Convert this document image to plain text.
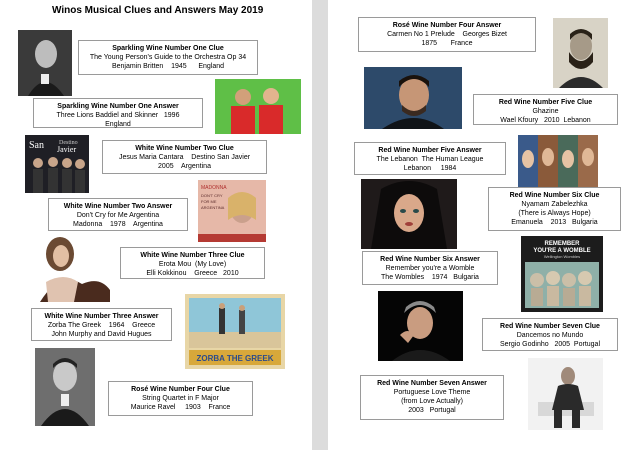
Winos Musical Clues and Answers May 2019
Sparkling Wine Number One Clue
The Young Person's Guide to the Orchestra Op 34
Benjamin Britten    1945      England
Sparkling Wine Number One Answer
Three Lions Baddiel and Skinner   1996
England
San	Destino
Javier	White Wine Number Two Clue
Jesus Maria Cantara    Destino San Javier
2005    Argentina
MADONNA
DON'T CRY
FOR ME
ARGENTINA
White Wine Number Two Answer
Don't Cry for Me Argentina
Madonna    1978    Argentina
White Wine Number Three Clue
Erota Mou  (My Love)
Elli Kokkinou    Greece   2010
White Wine Number Three Answer
Zorba The Greek    1964    Greece
John Murphy and David Hugues
ZORBA THE GREEK
Rosé Wine Number Four Clue
String Quartet in F Major
Maurice Ravel     1903    France
Rosé Wine Number Four Answer
Carmen No 1 Prelude    Georges Bizet
1875       France
Red Wine Number Five Clue
Ghazine
Wael Kfoury   2010  Lebanon
Red Wine Number Five Answer
The Lebanon  The Human League
Lebanon     1984
Red Wine Number Six Clue
Nyamam Zabelezhka
(There is Always Hope)
Emanuela    2013   Bulgaria
Red Wine Number Six Answer
Remember you're a Womble
The Wombles    1974   Bulgaria
REMEMBER
YOU'RE A WOMBLE
Wellington Wombles
Red Wine Number Seven Clue
Dancemos no Mundo
Sergio Godinho   2005  Portugal
Red Wine Number Seven Answer
Portuguese Love Theme
(from Love Actually)
2003   Portugal
